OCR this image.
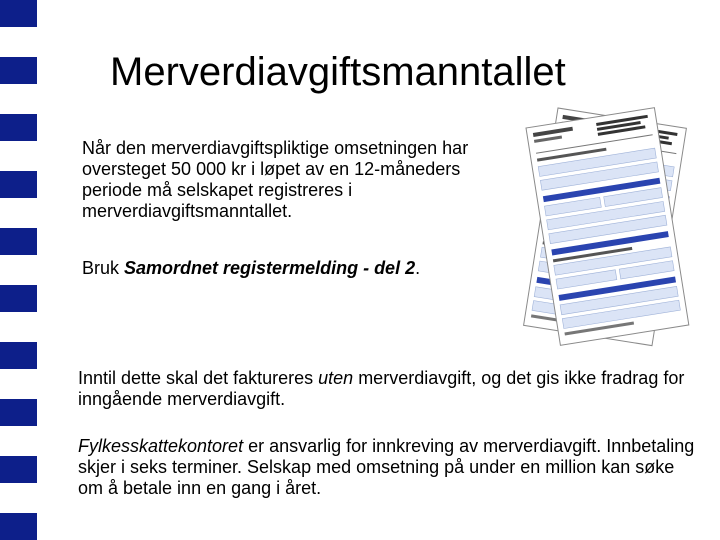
Merverdiavgiftsmanntallet

Når den merverdiavgiftspliktige omsetningen har oversteget 50 000 kr i løpet av en 12-måneders periode må selskapet registreres i merverdiavgiftsmanntallet.

Bruk Samordnet registermelding - del 2.

Inntil dette skal det faktureres uten merverdiavgift, og det gis ikke fradrag for inngående merverdiavgift.

Fylkesskattekontoret er ansvarlig for innkreving av merverdiavgift. Innbetaling skjer i seks terminer. Selskap med omsetning på under en million kan søke om å betale inn en gang i året.
